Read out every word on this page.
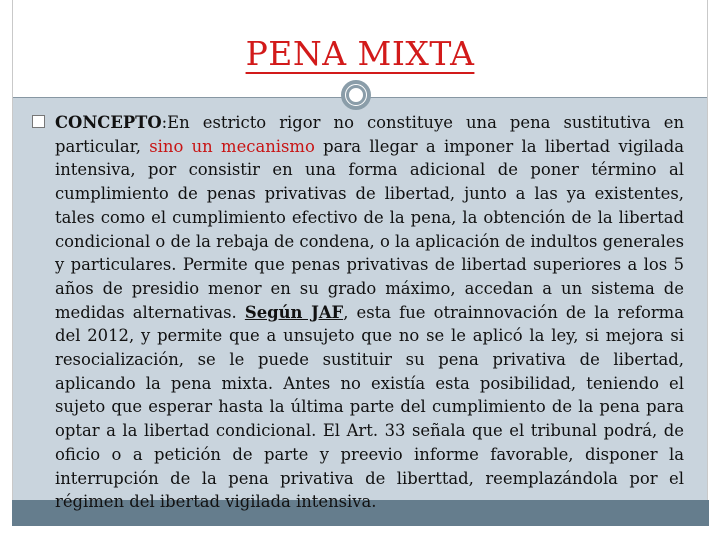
PENA MIXTA
CONCEPTO:En estricto rigor no constituye una pena sustitutiva en particular, sino un mecanismo para llegar a imponer la libertad vigilada intensiva, por consistir en una forma adicional de poner término al cumplimiento de penas privativas de libertad, junto a las ya existentes, tales como el cumplimiento efectivo de la pena, la obtención de la libertad condicional o de la rebaja de condena, o la aplicación de indultos generales y particulares. Permite que penas privativas de libertad superiores a los 5 años de presidio menor en su grado máximo, accedan a un sistema de medidas alternativas. Según JAF, esta fue otrainnovación de la reforma del 2012, y permite que a unsujeto que no se le aplicó la ley, si mejora si resocialización, se le puede sustituir su pena privativa de libertad, aplicando la pena mixta. Antes no existía esta posibilidad, teniendo el sujeto que esperar hasta la última parte del cumplimiento de la pena para optar a la libertad condicional. El Art. 33 señala que el tribunal podrá, de oficio o a petición de parte y preevio informe favorable, disponer la interrupción de la pena privativa de liberttad, reemplazándola por el régimen del ibertad vigilada intensiva.
